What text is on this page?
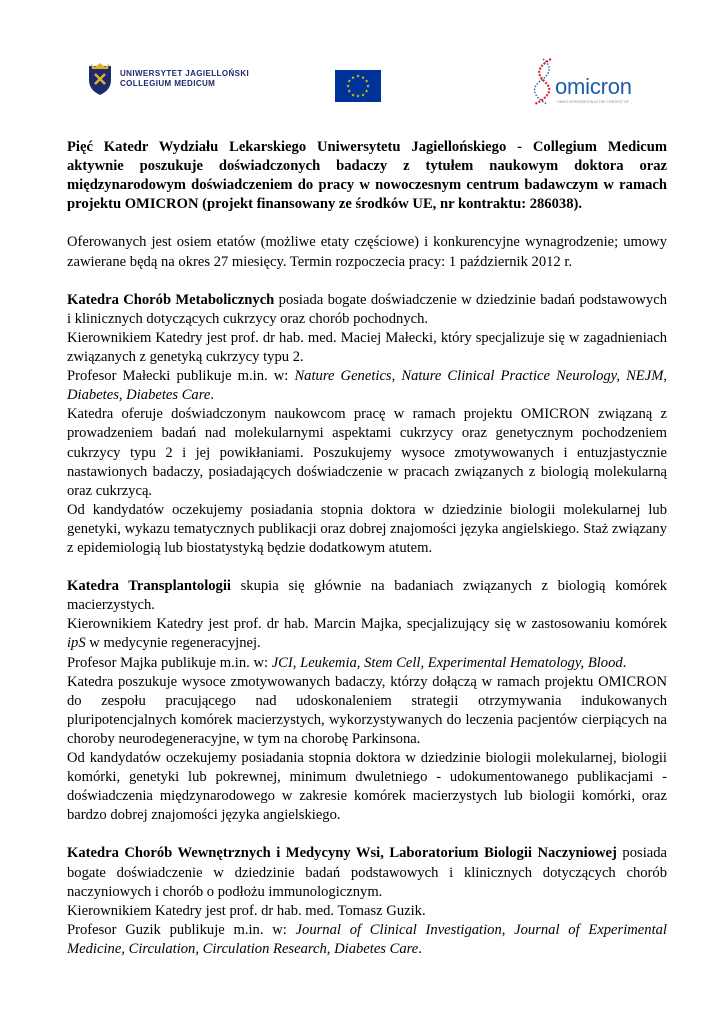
UNIWERSYTET JAGIELLOŃSKI
COLLEGIUM MEDICUM
★ ★
★
★
★
★
★
★
★
★
★
★	omicron
OMICS INTEGRATION IN THE CONTEXT OF ...

Pięć Katedr Wydziału Lekarskiego Uniwersytetu Jagiellońskiego - Collegium Medicum aktywnie poszukuje doświadczonych badaczy z tytułem naukowym doktora oraz międzynarodowym doświadczeniem do pracy w nowoczesnym centrum badawczym w ramach projektu OMICRON (projekt finansowany ze środków UE, nr kontraktu: 286038).

Oferowanych jest osiem etatów (możliwe etaty częściowe) i konkurencyjne wynagrodzenie; umowy zawierane będą na okres 27 miesięcy. Termin rozpoczecia pracy: 1 październik 2012 r.

Katedra Chorób Metabolicznych posiada bogate doświadczenie w dziedzinie badań podstawowych i klinicznych dotyczących cukrzycy oraz chorób pochodnych.

Kierownikiem Katedry jest prof. dr hab. med. Maciej Małecki, który specjalizuje się w zagadnieniach związanych z genetyką cukrzycy typu 2.

Profesor Małecki publikuje m.in. w: Nature Genetics, Nature Clinical Practice Neurology, NEJM, Diabetes, Diabetes Care.

Katedra oferuje doświadczonym naukowcom pracę w ramach projektu OMICRON związaną z prowadzeniem badań nad molekularnymi aspektami cukrzycy oraz genetycznym pochodzeniem cukrzycy typu 2 i jej powikłaniami. Poszukujemy wysoce zmotywowanych i entuzjastycznie nastawionych badaczy, posiadających doświadczenie w pracach związanych z biologią molekularną oraz cukrzycą.

Od kandydatów oczekujemy posiadania stopnia doktora w dziedzinie biologii molekularnej lub genetyki, wykazu tematycznych publikacji oraz dobrej znajomości języka angielskiego. Staż związany z epidemiologią lub biostatystyką będzie dodatkowym atutem.

Katedra Transplantologii skupia się głównie na badaniach związanych z biologią komórek macierzystych.

Kierownikiem Katedry jest prof. dr hab. Marcin Majka, specjalizujący się w zastosowaniu komórek ipS w medycynie regeneracyjnej.

Profesor Majka publikuje m.in. w: JCI, Leukemia, Stem Cell, Experimental Hematology, Blood.

Katedra poszukuje wysoce zmotywowanych badaczy, którzy dołączą w ramach projektu OMICRON do zespołu pracującego nad udoskonaleniem strategii otrzymywania indukowanych pluripotencjalnych komórek macierzystych, wykorzystywanych do leczenia pacjentów cierpiących na choroby neurodegeneracyjne, w tym na chorobę Parkinsona.

Od kandydatów oczekujemy posiadania stopnia doktora w dziedzinie biologii molekularnej, biologii komórki, genetyki lub pokrewnej, minimum dwuletniego - udokumentowanego publikacjami - doświadczenia międzynarodowego w zakresie komórek macierzystych lub biologii komórki, oraz bardzo dobrej znajomości języka angielskiego.

Katedra Chorób Wewnętrznych i Medycyny Wsi, Laboratorium Biologii Naczyniowej posiada bogate doświadczenie w dziedzinie badań podstawowych i klinicznych dotyczących chorób naczyniowych i chorób o podłożu immunologicznym.

Kierownikiem Katedry jest prof. dr hab. med. Tomasz Guzik.

Profesor Guzik publikuje m.in. w: Journal of Clinical Investigation, Journal of Experimental Medicine, Circulation, Circulation Research, Diabetes Care.
